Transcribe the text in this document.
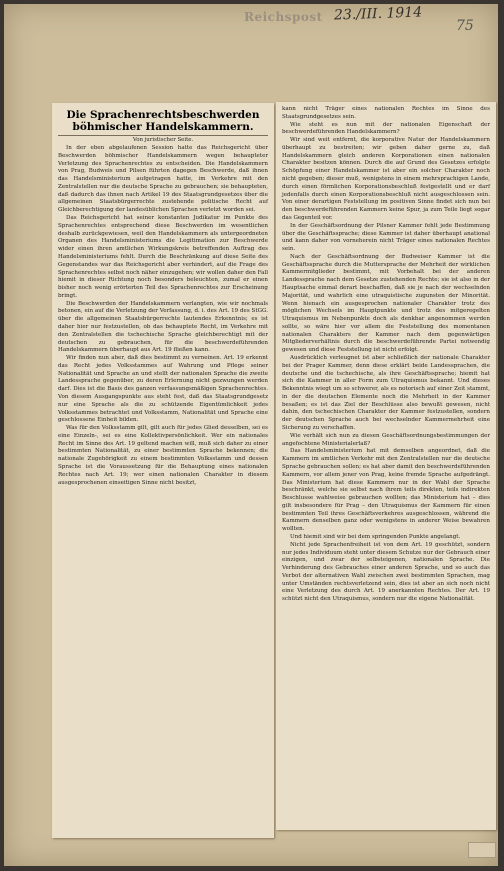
Reichspost 23./III. 1914
75
Die Sprachenrechtsbeschwerden
böhmischer Handelskammern.
Von juristischer Seite.

In der eben abgelaufenen Session hatte das Reichsgericht über Beschwerden böhmischer Handelskammern wegen behaupteter Verletzung des Sprachenrechtes zu entscheiden. Die Handelskammern von Prag, Budweis und Pilsen führten dagegen Beschwerde, daß ihnen das Handelsministerium aufgetragen hatte, im Verkehre mit den Zentralstellen nur die deutsche Sprache zu gebrauchen; sie behaupteten, daß dadurch das ihnen nach Artikel 19 des Staatsgrundgesetzes über die allgemeinen Staatsbürgerrechte zustehende politische Recht auf Gleichberechtigung der landesüblichen Sprachen verletzt worden sei.

Das Reichsgericht hat seiner konstanten Judikatur im Punkte des Sprachenrechtes entsprechend diese Beschwerden im wesentlichen deshalb zurückgewiesen, weil den Handelskammern als untergeordneten Organen des Handelsministeriums die Legitimation zur Beschwerde wider einen ihren amtlichen Wirkungskreis betreffenden Auftrag des Handelsministeriums fehlt. Durch die Beschränkung auf diese Seite des Gegenstandes war das Reichsgericht aber verhindert, auf die Frage des Sprachenrechtes selbst noch näher einzugehen; wir wollen daher den Fall hiemit in dieser Richtung noch besonders beleuchten, zumal er einen bisher noch wenig erörterten Teil des Sprachenrechtes zur Erscheinung bringt.

Die Beschwerden der Handelskammern verlangten, wie wir nochmals betonen, ein auf die Verletzung der Verfassung, d. i. des Art. 19 des StGG. über die allgemeinen Staatsbürgerrechte lautendes Erkenntnis; es ist daher hier nur festzustellen, ob das behauptete Recht, im Verkehre mit den Zentralstellen die tschechische Sprache gleichberechtigt mit der deutschen zu gebrauchen, für die beschwerdeführenden Handelskammern überhaupt aus Art. 19 fließen kann.

Wir finden nun aber, daß dies bestimmt zu verneinen. Art. 19 erkennt das Recht jedes Volksstammes auf Wahrung und Pflege seiner Nationalität und Sprache an und stellt der nationalen Sprache die zweite Landessprache gegenüber, zu deren Erlernung nicht gezwungen werden darf. Dies ist die Basis des ganzen verfassungsmäßigen Sprachenrechtes. Von diesem Ausgangspunkte aus steht fest, daß das Staatsgrundgesetz nur eine Sprache als die zu schützende Eigentümlichkeit jedes Volksstammes betrachtet und Volksstamm, Nationalität und Sprache eine geschlossene Einheit bilden.

Was für den Volksstamm gilt, gilt auch für jedes Glied desselben, sei es eine Einzeln-, sei es eine Kollektivpersönlichkeit. Wer ein nationales Recht im Sinne des Art. 19 geltend machen will, muß sich daher zu einer bestimmten Nationalität, zu einer bestimmten Sprache bekennen; die nationale Zugehörigkeit zu einem bestimmten Volksstamm und dessen Sprache ist die Voraussetzung für die Behauptung eines nationalen Rechtes nach Art. 19; wer einen nationalen Charakter in diesem ausgesprochenen einseitigen Sinne nicht besitzt,

kann nicht Träger eines nationalen Rechtes im Sinne des Staatsgrundgesetzes sein.

Wie steht es nun mit der nationalen Eigenschaft der beschwerdeführenden Handelskammern?

Wir sind weit entfernt, die korporative Natur der Handelskammern überhaupt zu bestreiten; wir geben daher gerne zu, daß Handelskammern gleich anderen Korporationen einen nationalen Charakter besitzen können. Durch die auf Grund des Gesetzes erfolgte Schöpfung einer Handelskammer ist aber ein solcher Charakter noch nicht gegeben; dieser muß, wenigstens in einem mehrsprachigen Lande, durch einen förmlichen Korporationsbeschluß festgestellt und er darf jedenfalls durch einen Korporationsbeschluß nicht ausgeschlossen sein. Von einer derartigen Feststellung im positiven Sinne findet sich nun bei den beschwerdeführenden Kammern keine Spur, ja zum Teile liegt sogar das Gegenteil vor.

In der Geschäftsordnung der Pilsner Kammer fehlt jede Bestimmung über die Geschäftssprache; diese Kammer ist daher überhaupt anational und kann daher von vorneherein nicht Träger eines nationalen Rechtes sein.

Nach der Geschäftsordnung der Budweiser Kammer ist die Geschäftssprache durch die Muttersprache der Mehrheit der wirklichen Kammermitglieder bestimmt, mit Vorbehalt bei der anderen Landessprache nach dem Gesetze zustehenden Rechte; sie ist also in der Hauptsache einmal derart beschaffen, daß sie je nach der wechselnden Majorität, und wahrlich eine utraquistische zugunsten der Minorität. Wenn hienach ein ausgesprochen nationaler Charakter trotz des möglichen Wechsels im Hauptpunkte und trotz des mitgeregelten Utraquismus im Nebenpunkte doch als denkbar angenommen werden sollte, so wäre hier vor allem die Feststellung des momentanen nationalen Charakters der Kammer nach dem gegenwärtigen Mitgliederverhältnis durch die beschwerdeführende Partei notwendig gewesen und diese Feststellung ist nicht erfolgt.

Ausdrücklich verleugnet ist aber schließlich der nationale Charakter bei der Prager Kammer, denn diese erklärt beide Landessprachen, die deutsche und die tschechische, als ihre Geschäftssprache; hiemit hat sich die Kammer in aller Form zum Utraquismus bekannt. Und dieses Bekenntnis wiegt um so schwerer, als es notorisch auf einer Zeit stammt, in der die deutschen Elemente noch die Mehrheit in der Kammer besaßen; es ist das Ziel der Beschlüsse also bewußt gewesen, nicht dahin, den tschechischen Charakter der Kammer festzustellen, sondern der deutschen Sprache auch bei wechselnder Kammermehrheit eine Sicherung zu verschaffen.

Wie verhält sich nun zu diesen Geschäftsordnungsbestimmungen der angefochtene Ministerialerlaß?

Das Handelsministerium hat mit demselben angeordnet, daß die Kammern im amtlichen Verkehr mit den Zentralstellen nur die deutsche Sprache gebrauchen sollen; es hat aber damit den beschwerdeführenden Kammern, vor allem jener von Prag, keine fremde Sprache aufgedrängt. Das Ministerium hat diese Kammern nur in der Wahl der Sprache beschränkt, welche sie selbst nach ihrem teils direkten, teils indirekten Beschlusse wahlweise gebrauchen wollten; das Ministerium hat – dies gilt insbesondere für Prag – den Utraquismus der Kammern für einen bestimmten Teil ihres Geschäftsverkehres ausgeschlossen, während die Kammern denselben ganz oder wenigstens in anderer Weise bewahren wollten.

Und hiemit sind wir bei dem springenden Punkte angelangt.

Nicht jede Sprachenfreiheit ist von dem Art. 19 geschützt, sondern nur jedes Individuum steht unter diesem Schutze nur der Gebrauch einer einzigen, und zwar der selbsteigenen, nationalen Sprache. Die Verhinderung des Gebrauches einer anderen Sprache, und so auch das Verbot der alternativen Wahl zwischen zwei bestimmten Sprachen, mag unter Umständen rechtsverletzend sein, dies ist aber an sich noch nicht eine Verletzung des durch Art. 19 anerkannten Rechtes. Der Art. 19 schützt nicht den Utraquismus, sondern nur die eigene Nationalität.
